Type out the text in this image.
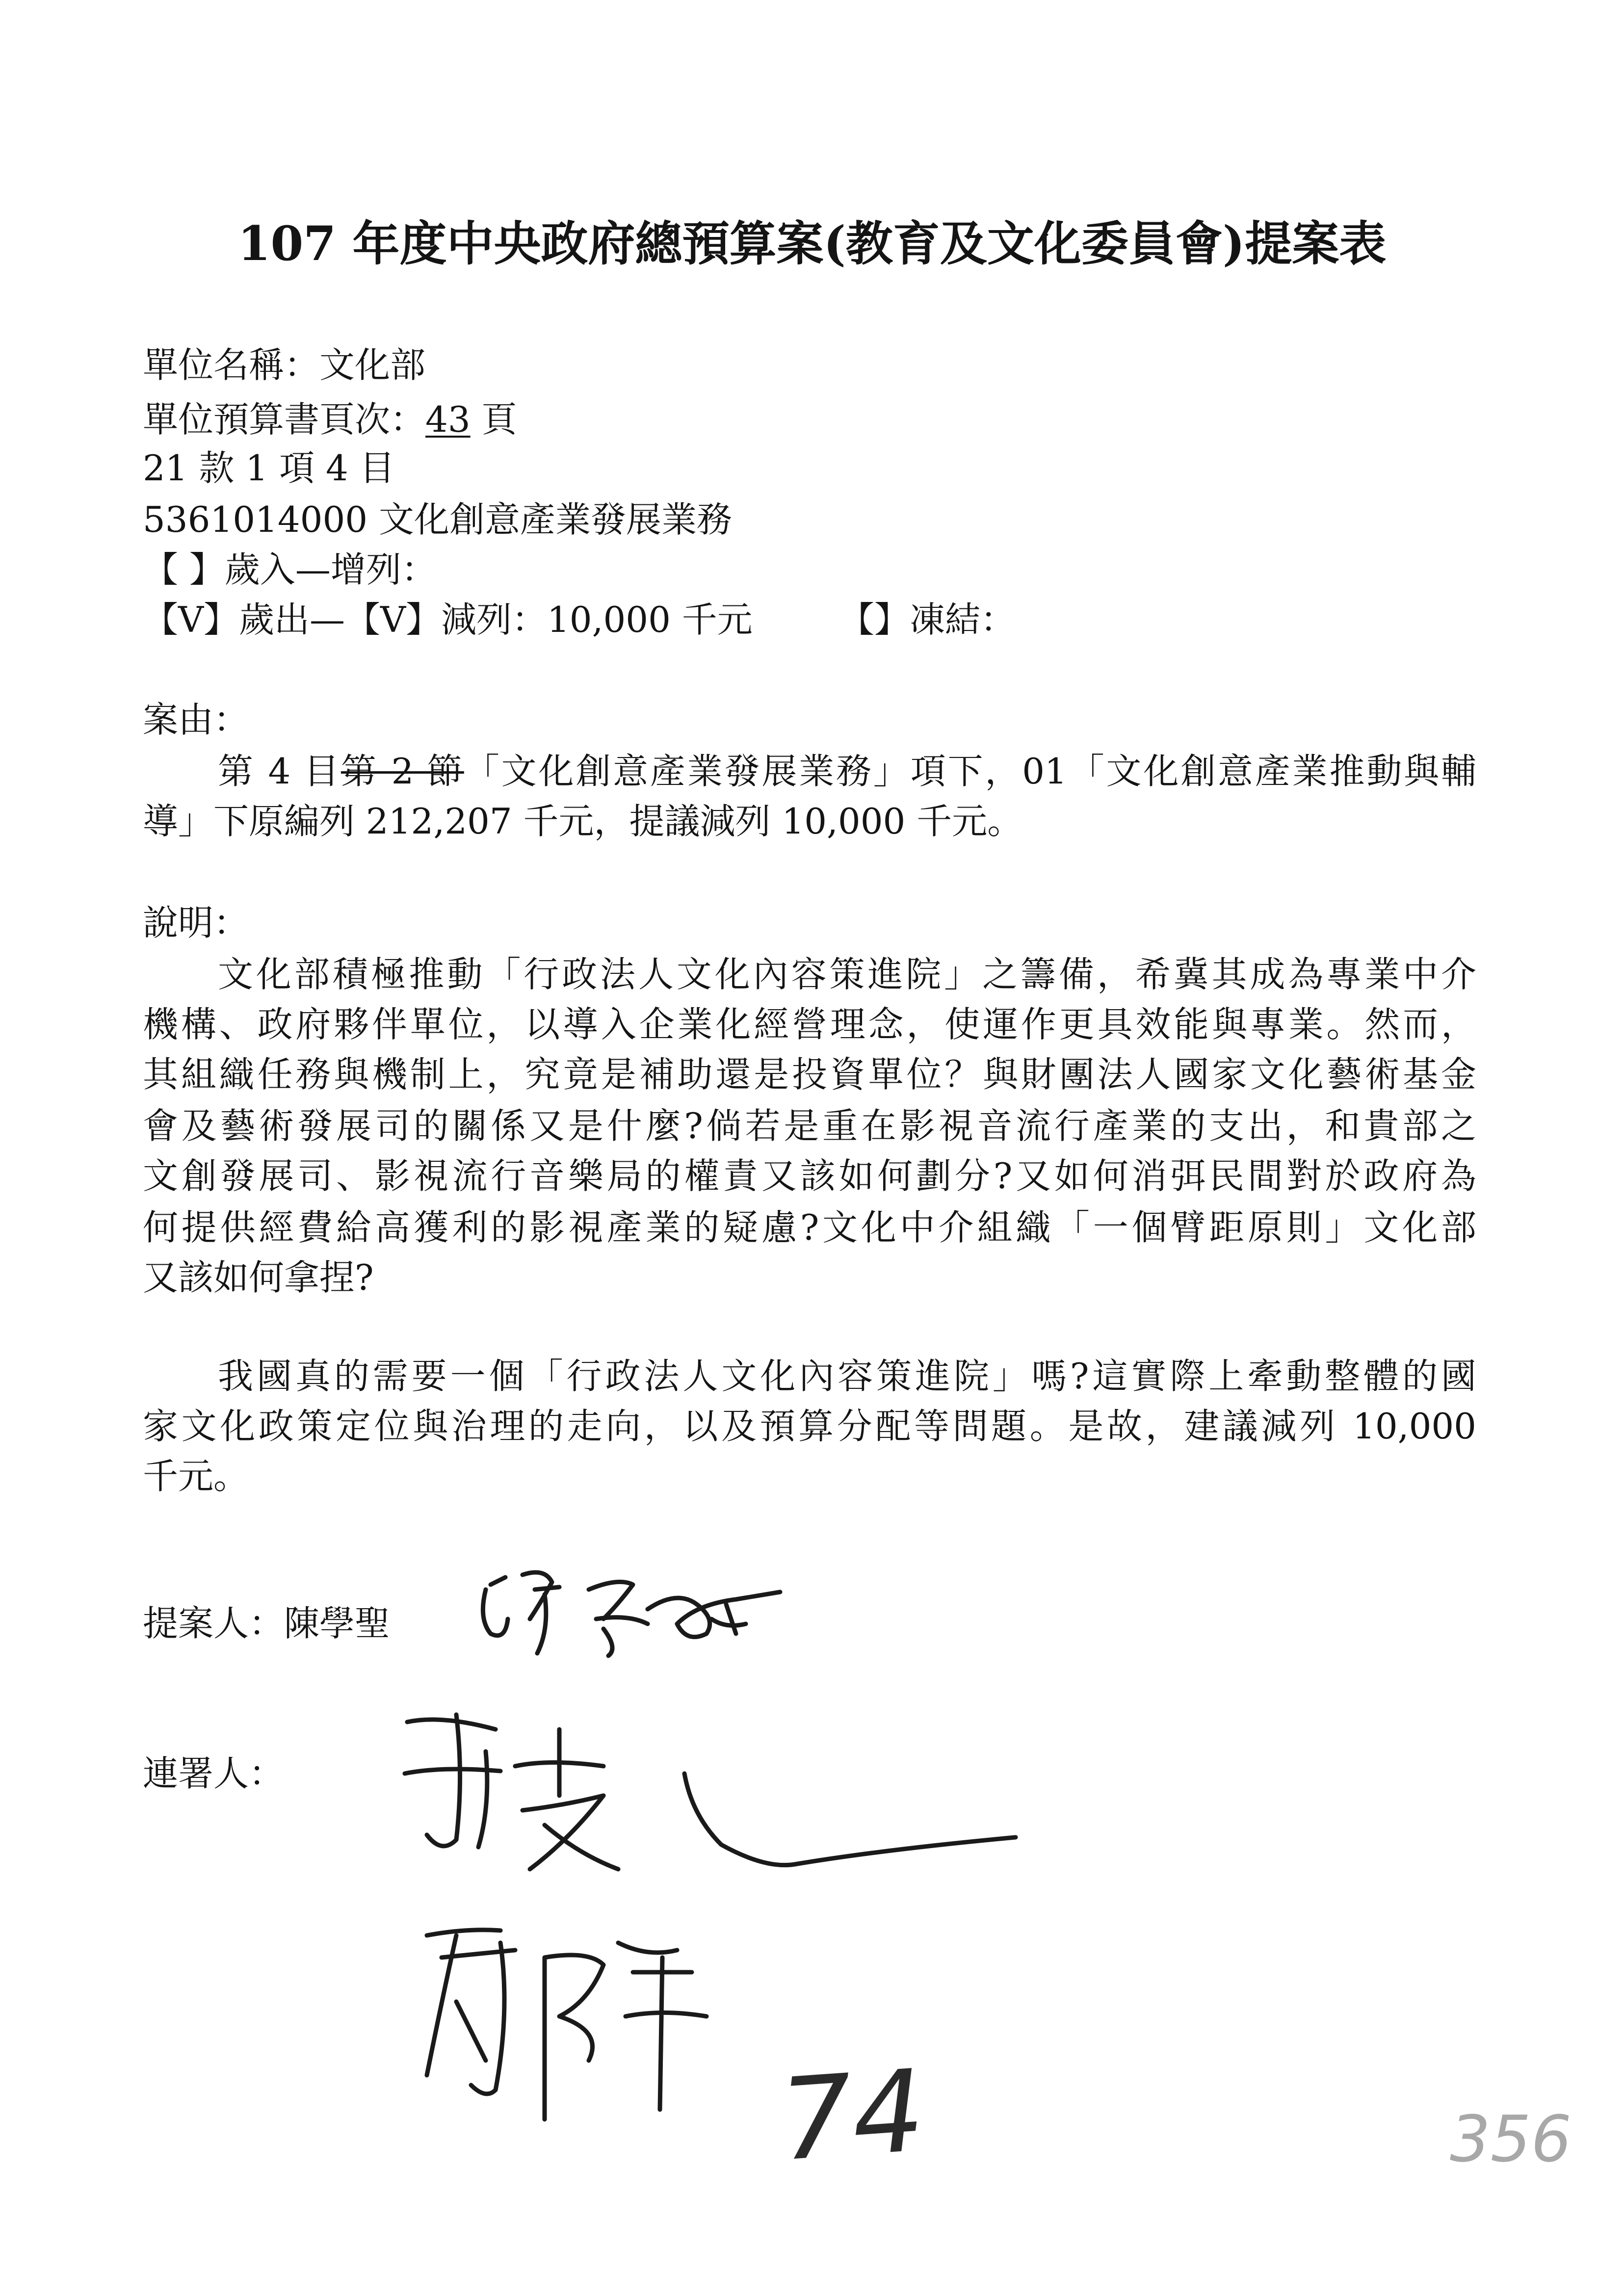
107 年度中央政府總預算案(教育及文化委員會)提案表
單位名稱：文化部
單位預算書頁次：43 頁
21 款 1 項 4 目
5361014000 文化創意產業發展業務
【 】歲入—增列：
【V】歲出—【V】減列：10,000 千元 【】凍結：
案由：
第 4 目第 2 節「文化創意產業發展業務」項下，01「文化創意產業推動與輔
導」下原編列 212,207 千元，提議減列 10,000 千元。
說明：
文化部積極推動「行政法人文化內容策進院」之籌備，希冀其成為專業中介
機構、政府夥伴單位，以導入企業化經營理念，使運作更具效能與專業。然而，
其組織任務與機制上，究竟是補助還是投資單位？與財團法人國家文化藝術基金
會及藝術發展司的關係又是什麼?倘若是重在影視音流行產業的支出，和貴部之
文創發展司、影視流行音樂局的權責又該如何劃分?又如何消弭民間對於政府為
何提供經費給高獲利的影視產業的疑慮?文化中介組織「一個臂距原則」文化部
又該如何拿捏?
我國真的需要一個「行政法人文化內容策進院」嗎?這實際上牽動整體的國
家文化政策定位與治理的走向，以及預算分配等問題。是故，建議減列 10,000
千元。
提案人：陳學聖
連署人：
74	356
